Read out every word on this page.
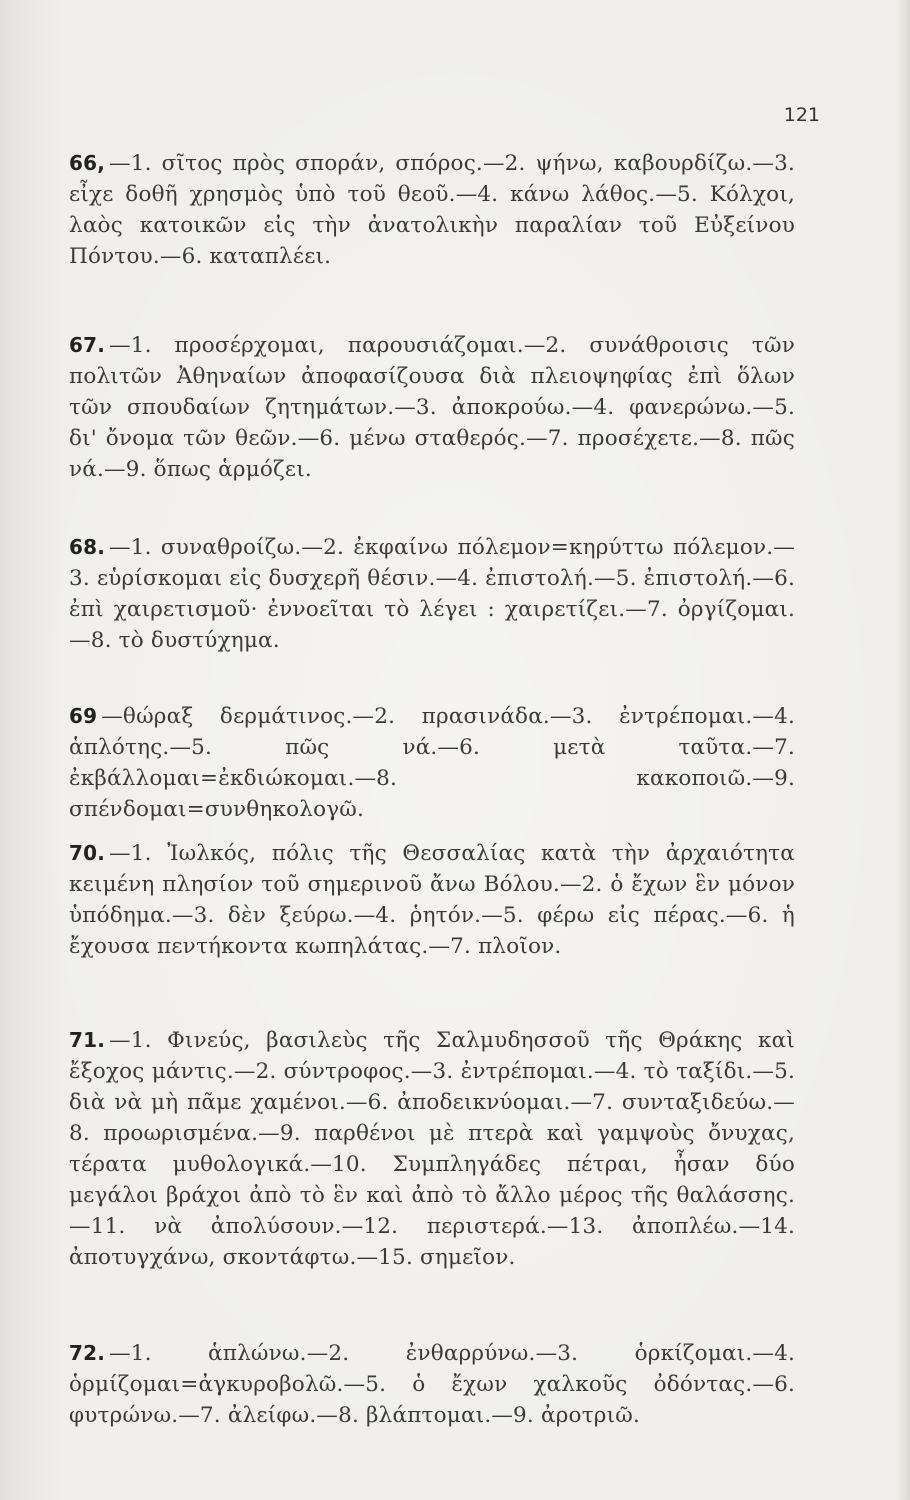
121
66, —1. σῖτος πρὸς σποράν, σπόρος.—2. ψήνω, καβουρδίζω.—3. εἶχε δοθῆ χρησμὸς ὑπὸ τοῦ θεοῦ.—4. κάνω λάθος.—5. Κόλχοι, λαὸς κατοικῶν εἰς τὴν ἀνατολικὴν παραλίαν τοῦ Εὐξείνου Πόντου.—6. καταπλέει.
67. —1. προσέρχομαι, παρουσιάζομαι.—2. συνάθροισις τῶν πολιτῶν Ἀθηναίων ἀποφασίζουσα διὰ πλειοψηφίας ἐπὶ ὅλων τῶν σπουδαίων ζητημάτων.—3. ἀποκρούω.—4. φανερώνω.—5. δι' ὄνομα τῶν θεῶν.—6. μένω σταθερός.—7. προσέχετε.—8. πῶς νά.—9. ὅπως ἁρμόζει.
68. —1. συναθροίζω.—2. ἐκφαίνω πόλεμον=κηρύττω πόλεμον.—3. εὑρίσκομαι εἰς δυσχερῆ θέσιν.—4. ἐπιστολή.—5. ἐπιστολή.—6. ἐπὶ χαιρετισμοῦ· ἐννοεῖται τὸ λέγει : χαιρετίζει.—7. ὀργίζομαι.—8. τὸ δυστύχημα.
69 —θώραξ δερμάτινος.—2. πρασινάδα.—3. ἐντρέπομαι.—4. ἁπλότης.—5. πῶς νά.—6. μετὰ ταῦτα.—7. ἐκβάλλομαι=ἐκδιώκομαι.—8. κακοποιῶ.—9. σπένδομαι=συνθηκολογῶ.
70. —1. Ἰωλκός, πόλις τῆς Θεσσαλίας κατὰ τὴν ἀρχαιότητα κειμένη πλησίον τοῦ σημερινοῦ ἄνω Βόλου.—2. ὁ ἔχων ἓν μόνον ὑπόδημα.—3. δὲν ξεύρω.—4. ῥητόν.—5. φέρω εἰς πέρας.—6. ἡ ἔχουσα πεντήκοντα κωπηλάτας.—7. πλοῖον.
71. —1. Φινεύς, βασιλεὺς τῆς Σαλμυδησσοῦ τῆς Θράκης καὶ ἔξοχος μάντις.—2. σύντροφος.—3. ἐντρέπομαι.—4. τὸ ταξίδι.—5. διὰ νὰ μὴ πᾶμε χαμένοι.—6. ἀποδεικνύομαι.—7. συνταξιδεύω.—8. προωρισμένα.—9. παρθένοι μὲ πτερὰ καὶ γαμψοὺς ὄνυχας, τέρατα μυθολογικά.—10. Συμπληγάδες πέτραι, ἦσαν δύο μεγάλοι βράχοι ἀπὸ τὸ ἓν καὶ ἀπὸ τὸ ἄλλο μέρος τῆς θαλάσσης.—11. νὰ ἀπολύσουν.—12. περιστερά.—13. ἀποπλέω.—14. ἀποτυγχάνω, σκοντάφτω.—15. σημεῖον.
72. —1. ἁπλώνω.—2. ἐνθαρρύνω.—3. ὁρκίζομαι.—4. ὁρμίζομαι=ἀγκυροβολῶ.—5. ὁ ἔχων χαλκοῦς ὀδόντας.—6. φυτρώνω.—7. ἀλείφω.—8. βλάπτομαι.—9. ἀροτριῶ.
